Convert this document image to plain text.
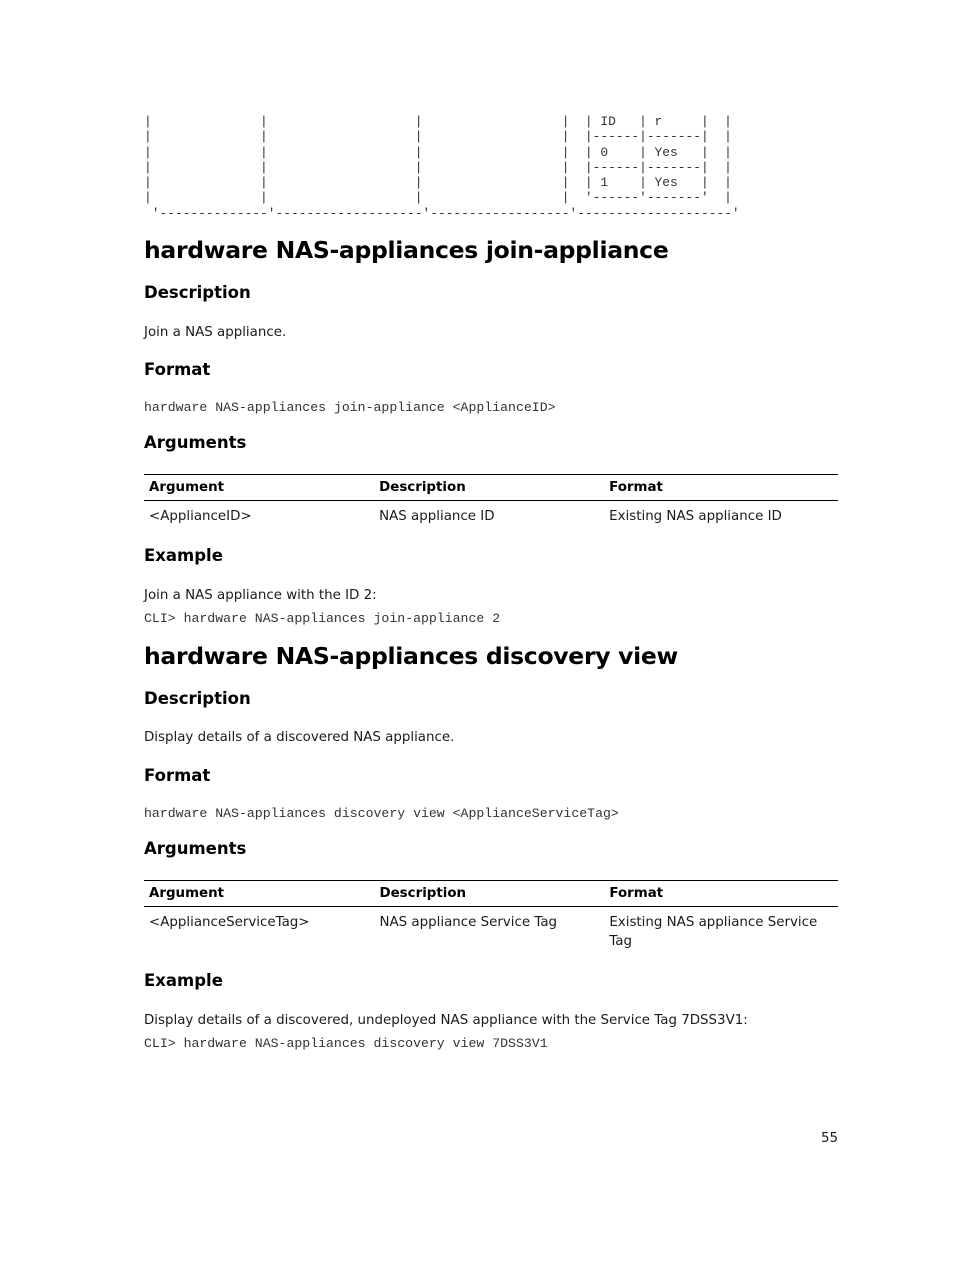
|              |                   |                  |  | ID   | r     |  |
|              |                   |                  |  |------|-------|  |
|              |                   |                  |  | 0    | Yes   |  |
|              |                   |                  |  |------|-------|  |
|              |                   |                  |  | 1    | Yes   |  |
|              |                   |                  |  '------'-------'  |
'--------------'-------------------'------------------'--------------------'
hardware NAS-appliances join-appliance
Description

Join a NAS appliance.

Format
hardware NAS-appliances join-appliance <ApplianceID>
Arguments
Argument	Description	Format
<ApplianceID>	NAS appliance ID	Existing NAS appliance ID
Example

Join a NAS appliance with the ID 2:

CLI> hardware NAS-appliances join-appliance 2
hardware NAS-appliances discovery view
Description

Display details of a discovered NAS appliance.

Format
hardware NAS-appliances discovery view <ApplianceServiceTag>
Arguments
Argument	Description	Format
<ApplianceServiceTag>	NAS appliance Service Tag	Existing NAS appliance Service Tag
Example

Display details of a discovered, undeployed NAS appliance with the Service Tag 7DSS3V1:

CLI> hardware NAS-appliances discovery view 7DSS3V1
55
